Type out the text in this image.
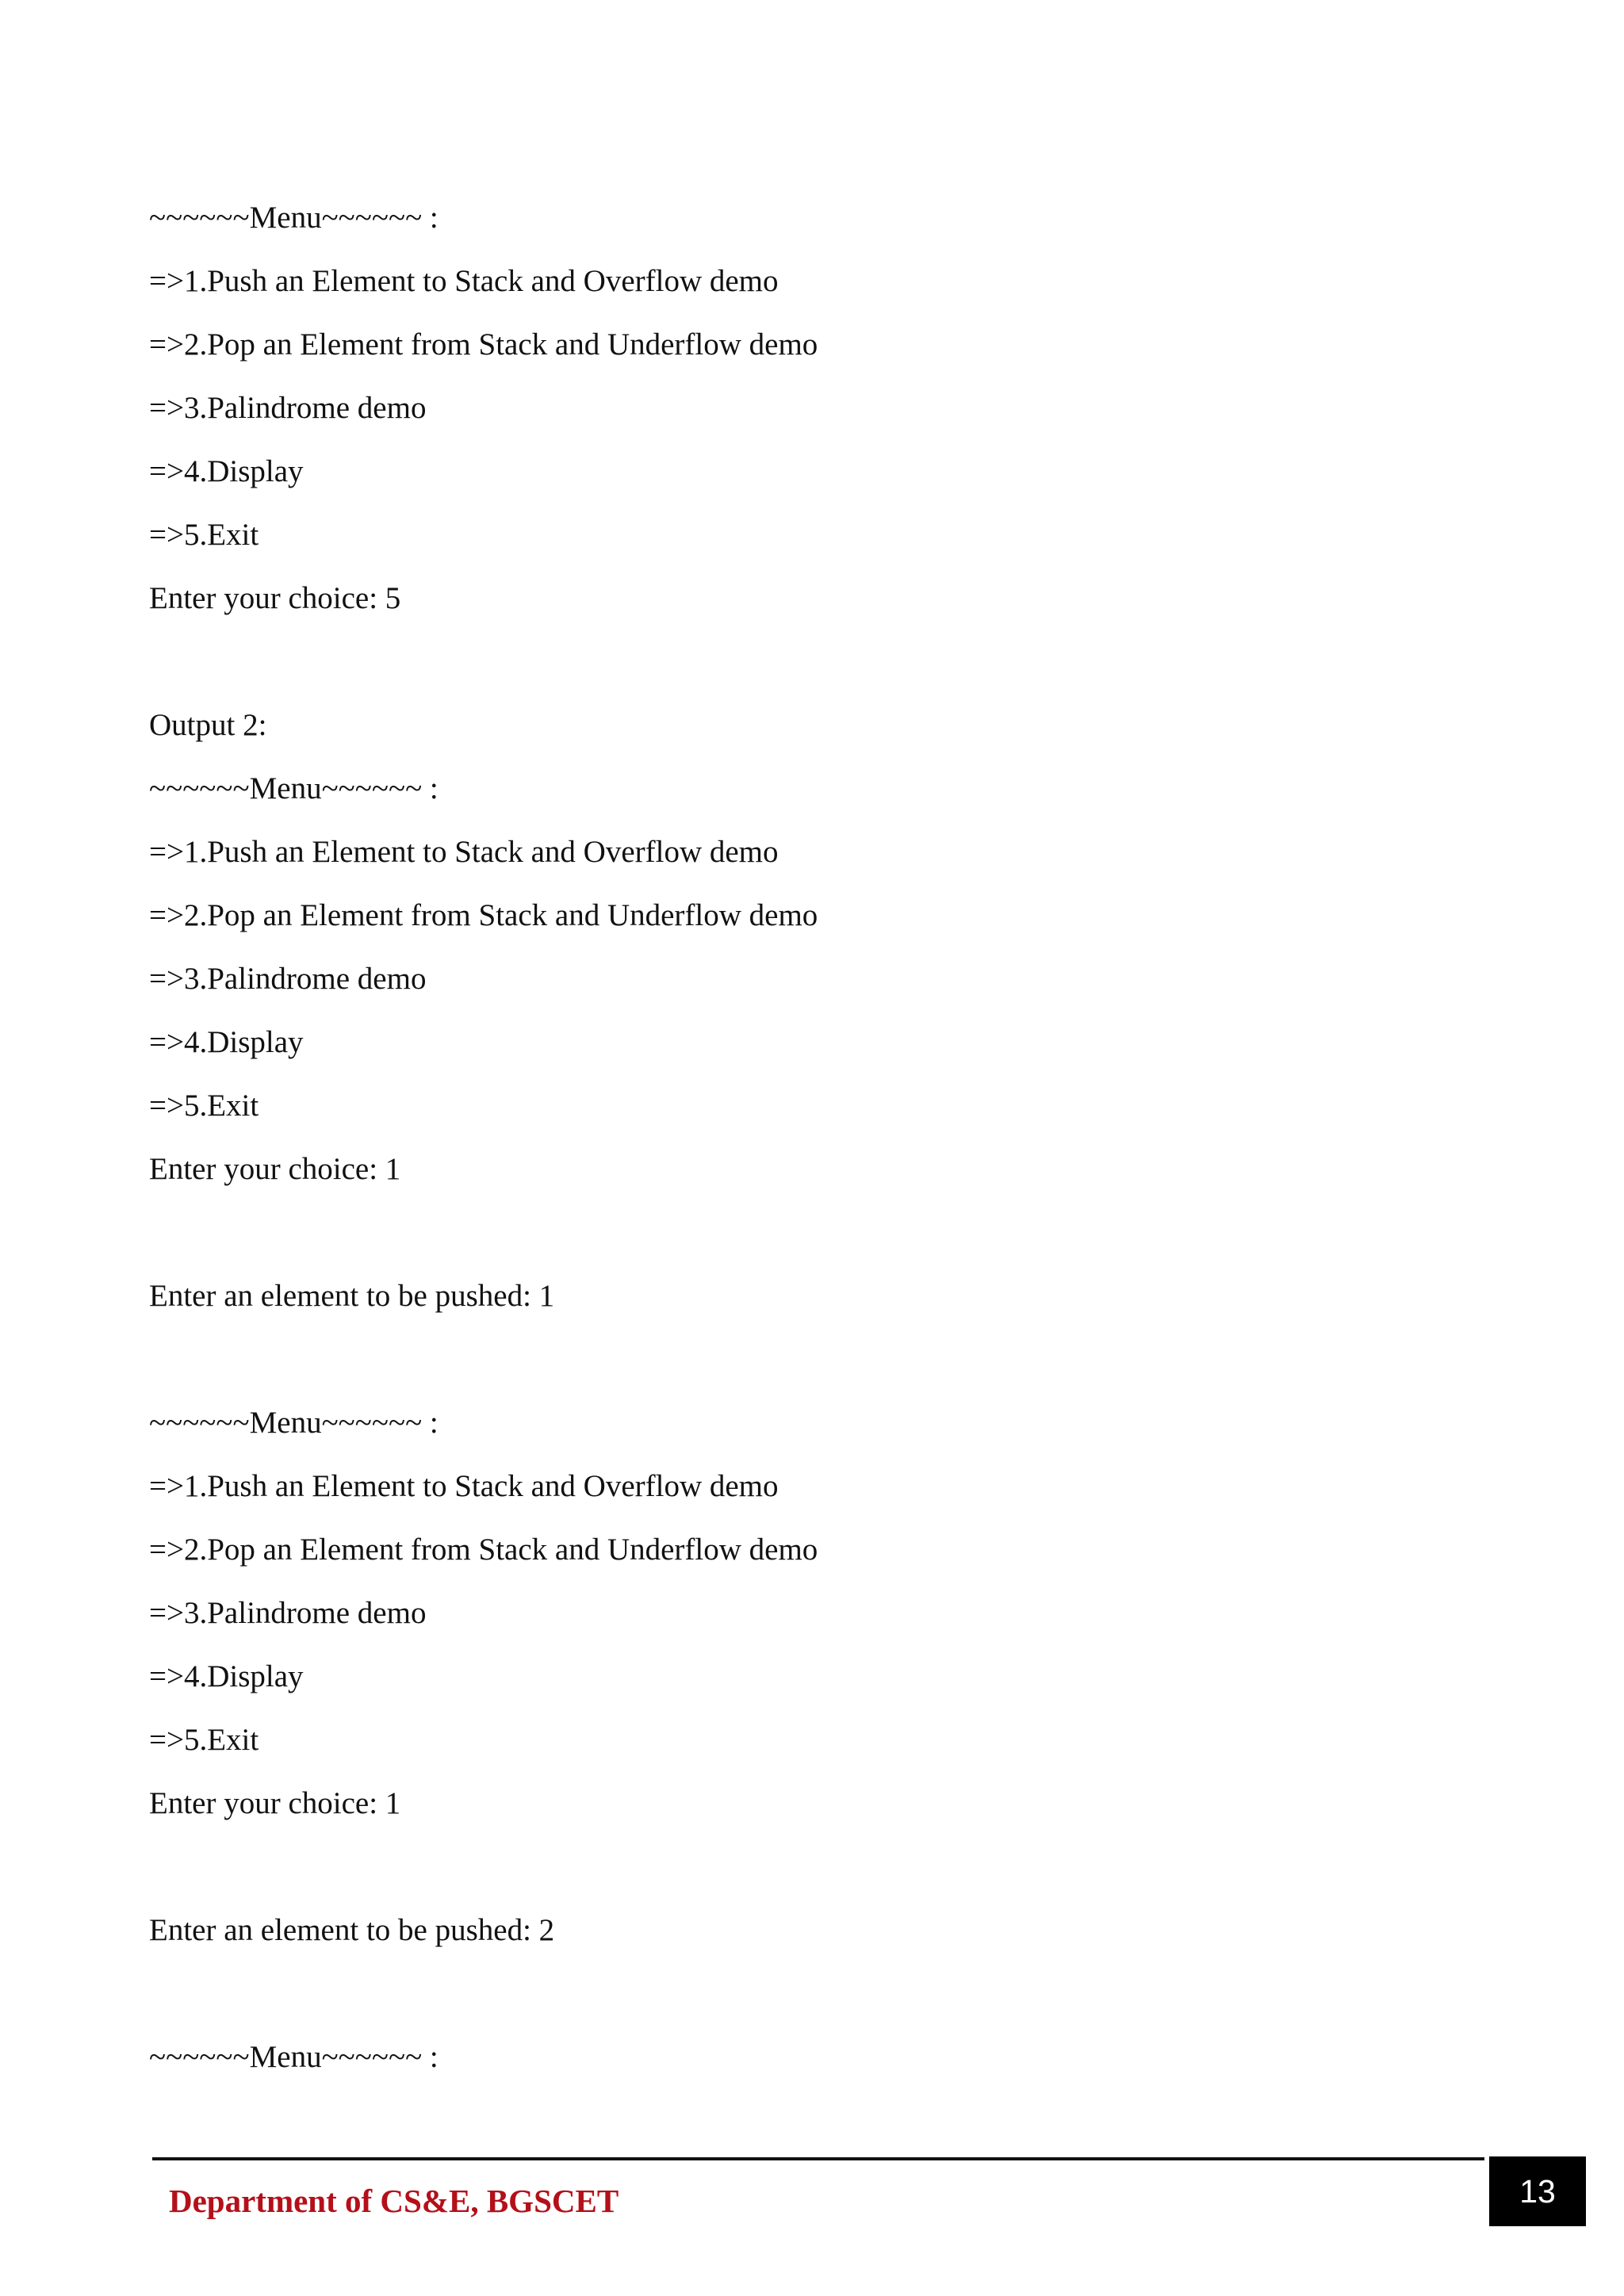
~~~~~~Menu~~~~~~ :
=>1.Push an Element to Stack and Overflow demo
=>2.Pop an Element from Stack and Underflow demo
=>3.Palindrome demo
=>4.Display
=>5.Exit
Enter your choice: 5
Output 2:
~~~~~~Menu~~~~~~ :
=>1.Push an Element to Stack and Overflow demo
=>2.Pop an Element from Stack and Underflow demo
=>3.Palindrome demo
=>4.Display
=>5.Exit
Enter your choice: 1
Enter an element to be pushed: 1
~~~~~~Menu~~~~~~ :
=>1.Push an Element to Stack and Overflow demo
=>2.Pop an Element from Stack and Underflow demo
=>3.Palindrome demo
=>4.Display
=>5.Exit
Enter your choice: 1
Enter an element to be pushed: 2
~~~~~~Menu~~~~~~ :
Department of CS&E, BGSCET	13
